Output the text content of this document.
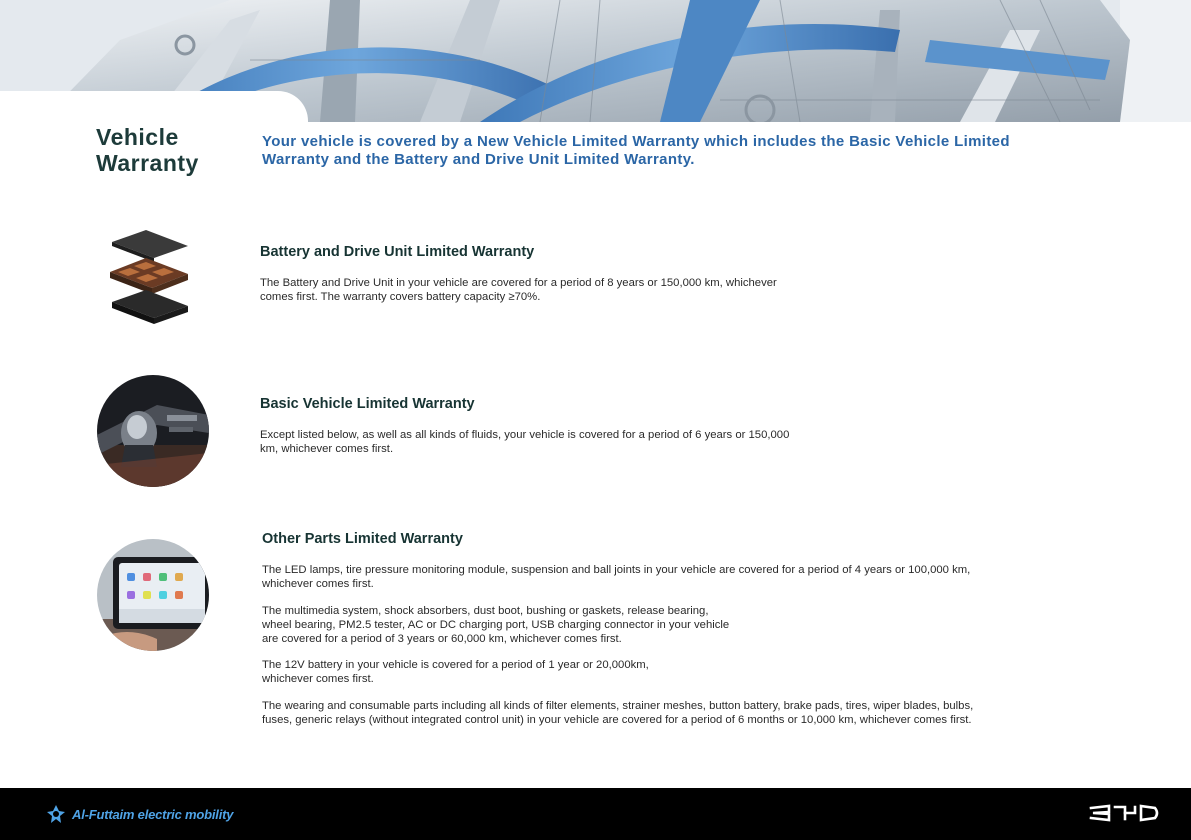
Vehicle Warranty

Your vehicle is covered by a New Vehicle Limited Warranty which includes the Basic Vehicle Limited Warranty and the Battery and Drive Unit Limited Warranty.

Battery and Drive Unit Limited Warranty

The Battery and Drive Unit in your vehicle are covered for a period of 8 years or 150,000 km, whichever comes first. The warranty covers battery capacity ≥70%.

Basic Vehicle Limited Warranty

Except listed below, as well as all kinds of fluids, your vehicle is covered for a period of 6 years or 150,000 km, whichever comes first.

Other Parts Limited Warranty

The LED lamps, tire pressure monitoring module, suspension and ball joints in your vehicle are covered for a period of 4 years or 100,000 km, whichever comes first.

The multimedia system, shock absorbers, dust boot, bushing or gaskets, release bearing, wheel bearing, PM2.5 tester, AC or DC charging port, USB charging connector in your vehicle are covered for a period of 3 years or 60,000 km, whichever comes first.

The 12V battery in your vehicle is covered for a period of 1 year or 20,000km, whichever comes first.

The wearing and consumable parts including all kinds of filter elements, strainer meshes, button battery, brake pads, tires, wiper blades, bulbs, fuses, generic relays (without integrated control unit) in your vehicle are covered for a period of 6 months or 10,000 km, whichever comes first.

Al-Futtaim electric mobility
